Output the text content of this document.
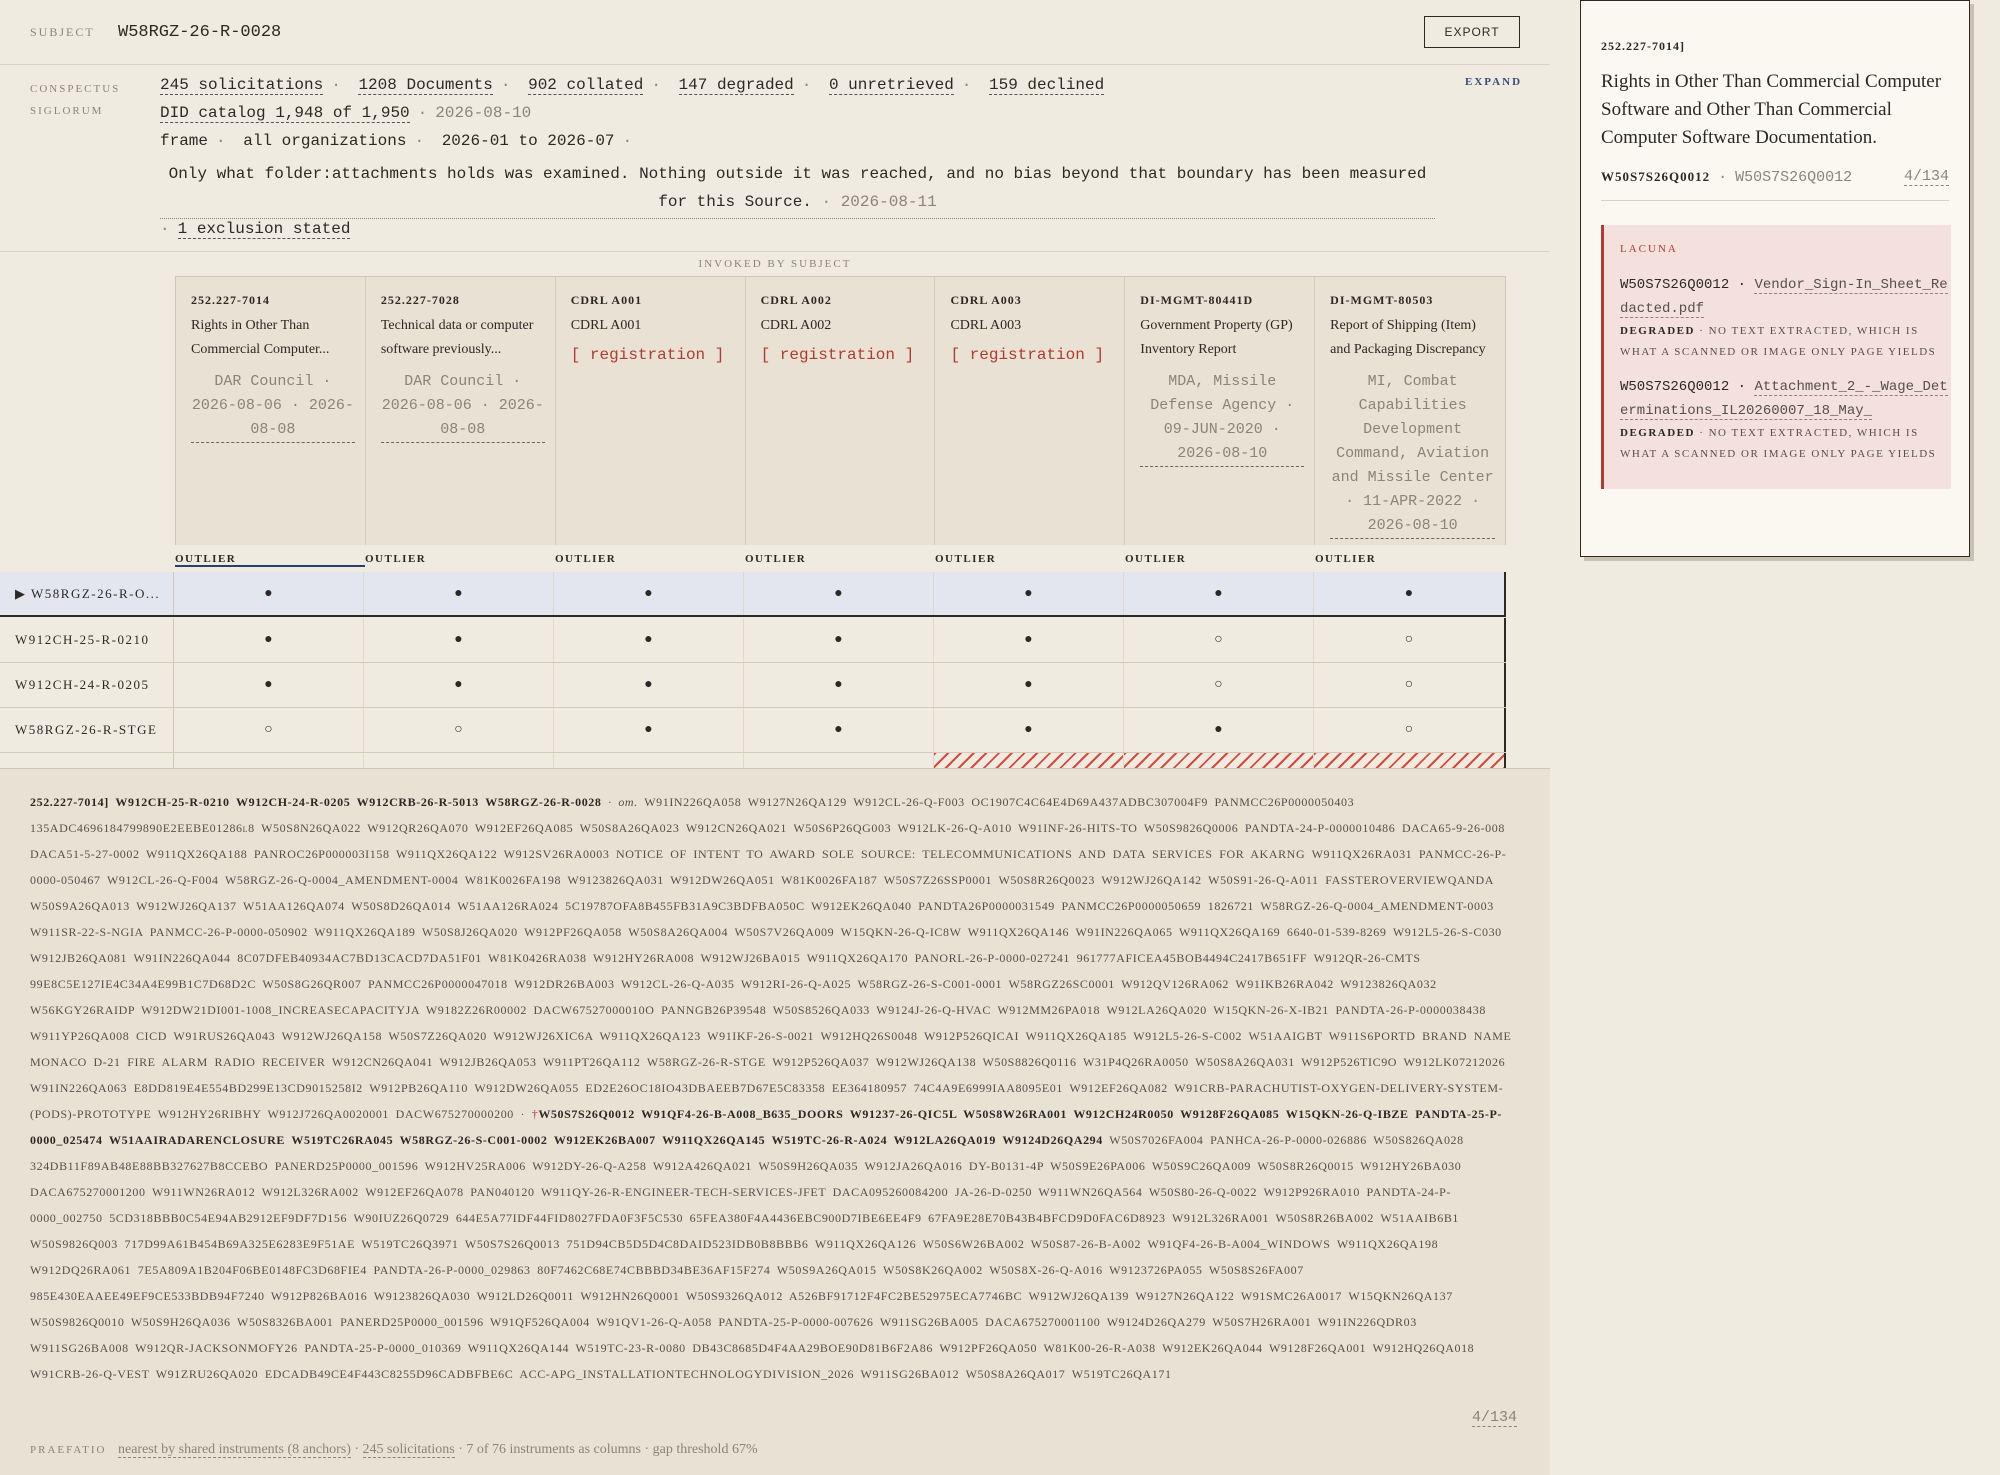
SUBJECT	W58RGZ-26-R-0028	EXPORT
CONSPECTUS
SIGLORUM
EXPAND
245 solicitations · 1208 Documents · 902 collated · 147 degraded · 0 unretrieved · 159 declined
DID catalog 1,948 of 1,950 · 2026-08-10
frame · all organizations · 2026-01 to 2026-07 ·
Only what folder:attachments holds was examined. Nothing outside it was reached, and no bias beyond that boundary has been measured for this Source. · 2026-08-11
· 1 exclusion stated
INVOKED BY SUBJECT
252.227-7014
Rights in Other Than Commercial Computer...
DAR Council · 2026-08-06 · 2026-08-08
252.227-7028
Technical data or computer software previously...
DAR Council · 2026-08-06 · 2026-08-08
CDRL A001
CDRL A001
[ registration ]
CDRL A002
CDRL A002
[ registration ]
CDRL A003
CDRL A003
[ registration ]
DI-MGMT-80441D
Government Property (GP) Inventory Report
MDA, Missile Defense Agency · 09-JUN-2020 · 2026-08-10
DI-MGMT-80503
Report of Shipping (Item) and Packaging Discrepancy
MI, Combat Capabilities Development Command, Aviation and Missile Center · 11-APR-2022 · 2026-08-10
OUTLIER	OUTLIER	OUTLIER	OUTLIER	OUTLIER	OUTLIER	OUTLIER
▶ W58RGZ-26-R-O...	●	●	●	●	●	●	●
W912CH-25-R-0210	●	●	●	●	●	○	○
W912CH-24-R-0205	●	●	●	●	●	○	○
W58RGZ-26-R-STGE	○	○	●	●	●	●	○
252.227-7014] W912CH-25-R-0210 W912CH-24-R-0205 W912CRB-26-R-5013 W58RGZ-26-R-0028 · om. W91IN226QA058 W9127N26QA129 W912CL-26-Q-F003 OC1907C4C64E4D69A437ADBC307004F9 PANMCC26P0000050403 135ADC4696184799890E2EEBE01286l8 W50S8N26QA022 W912QR26QA070 W912EF26QA085 W50S8A26QA023 W912CN26QA021 W50S6P26QG003 W912LK-26-Q-A010 W91INF-26-HITS-TO W50S9826Q0006 PANDTA-24-P-0000010486 DACA65-9-26-008 DACA51-5-27-0002 W911QX26QA188 PANROC26P000003I158 W911QX26QA122 W912SV26RA0003 NOTICE OF INTENT TO AWARD SOLE SOURCE: TELECOMMUNICATIONS AND DATA SERVICES FOR AKARNG W911QX26RA031 PANMCC-26-P-0000-050467 W912CL-26-Q-F004 W58RGZ-26-Q-0004_AMENDMENT-0004 W81K0026FA198 W9123826QA031 W912DW26QA051 W81K0026FA187 W50S7Z26SSP0001 W50S8R26Q0023 W912WJ26QA142 W50S91-26-Q-A011 FASSTEROVERVIEWQANDA W50S9A26QA013 W912WJ26QA137 W51AA126QA074 W50S8D26QA014 W51AA126RA024 5C19787OFA8B455FB31A9C3BDFBA050C W912EK26QA040 PANDTA26P0000031549 PANMCC26P0000050659 1826721 W58RGZ-26-Q-0004_AMENDMENT-0003 W911SR-22-S-NGIA PANMCC-26-P-0000-050902 W911QX26QA189 W50S8J26QA020 W912PF26QA058 W50S8A26QA004 W50S7V26QA009 W15QKN-26-Q-IC8W W911QX26QA146 W91IN226QA065 W911QX26QA169 6640-01-539-8269 W912L5-26-S-C030 W912JB26QA081 W91IN226QA044 8C07DFEB40934AC7BD13CACD7DA51F01 W81K0426RA038 W912HY26RA008 W912WJ26BA015 W911QX26QA170 PANORL-26-P-0000-027241 961777AFICEA45BOB4494C2417B651FF W912QR-26-CMTS 99E8C5E127IE4C34A4E99B1C7D68D2C W50S8G26QR007 PANMCC26P0000047018 W912DR26BA003 W912CL-26-Q-A035 W912RI-26-Q-A025 W58RGZ-26-S-C001-0001 W58RGZ26SC0001 W912QV126RA062 W91IKB26RA042 W9123826QA032 W56KGY26RAIDP W912DW21DI001-1008_INCREASECAPACITYJA W9182Z26R00002 DACW67527000010O PANNGB26P39548 W50S8526QA033 W9124J-26-Q-HVAC W912MM26PA018 W912LA26QA020 W15QKN-26-X-IB21 PANDTA-26-P-0000038438 W911YP26QA008 CICD W91RUS26QA043 W912WJ26QA158 W50S7Z26QA020 W912WJ26XIC6A W911QX26QA123 W91IKF-26-S-0021 W912HQ26S0048 W912P526QICAI W911QX26QA185 W912L5-26-S-C002 W51AAIGBT W911S6PORTD BRAND NAME MONACO D-21 FIRE ALARM RADIO RECEIVER W912CN26QA041 W912JB26QA053 W911PT26QA112 W58RGZ-26-R-STGE W912P526QA037 W912WJ26QA138 W50S8826Q0116 W31P4Q26RA0050 W50S8A26QA031 W912P526TIC9O W912LK07212026 W91IN226QA063 E8DD819E4E554BD299E13CD9015258I2 W912PB26QA110 W912DW26QA055 ED2E26OC18IO43DBAEEB7D67E5C83358 EE364180957 74C4A9E6999IAA8095E01 W912EF26QA082 W91CRB-PARACHUTIST-OXYGEN-DELIVERY-SYSTEM-(PODS)-PROTOTYPE W912HY26RIBHY W912J726QA0020001 DACW675270000200 · †W50S7S26Q0012 W91QF4-26-B-A008_B635_DOORS W91237-26-QIC5L W50S8W26RA001 W912CH24R0050 W9128F26QA085 W15QKN-26-Q-IBZE PANDTA-25-P-0000_025474 W51AAIRADARENCLOSURE W519TC26RA045 W58RGZ-26-S-C001-0002 W912EK26BA007 W911QX26QA145 W519TC-26-R-A024 W912LA26QA019 W9124D26QA294 W50S7026FA004 PANHCA-26-P-0000-026886 W50S826QA028 324DB11F89AB48E88BB327627B8CCEBO PANERD25P0000_001596 W912HV25RA006 W912DY-26-Q-A258 W912A426QA021 W50S9H26QA035 W912JA26QA016 DY-B0131-4P W50S9E26PA006 W50S9C26QA009 W50S8R26Q0015 W912HY26BA030 DACA675270001200 W911WN26RA012 W912L326RA002 W912EF26QA078 PAN040120 W911QY-26-R-ENGINEER-TECH-SERVICES-JFET DACA095260084200 JA-26-D-0250 W911WN26QA564 W50S80-26-Q-0022 W912P926RA010 PANDTA-24-P-0000_002750 5CD318BBB0C54E94AB2912EF9DF7D156 W90IUZ26Q0729 644E5A77IDF44FID8027FDA0F3F5C530 65FEA380F4A4436EBC900D7IBE6EE4F9 67FA9E28E70B43B4BFCD9D0FAC6D8923 W912L326RA001 W50S8R26BA002 W51AAIB6B1 W50S9826Q003 717D99A61B454B69A325E6283E9F51AE W519TC26Q3971 W50S7S26Q0013 751D94CB5D5D4C8DAID523IDB0B8BBB6 W911QX26QA126 W50S6W26BA002 W50S87-26-B-A002 W91QF4-26-B-A004_WINDOWS W911QX26QA198 W912DQ26RA061 7E5A809A1B204F06BE0148FC3D68FIE4 PANDTA-26-P-0000_029863 80F7462C68E74CBBBD34BE36AF15F274 W50S9A26QA015 W50S8K26QA002 W50S8X-26-Q-A016 W9123726PA055 W50S8S26FA007 985E430EAAEE49EF9CE533BDB94F7240 W912P826BA016 W9123826QA030 W912LD26Q0011 W912HN26Q0001 W50S9326QA012 A526BF91712F4FC2BE52975ECA7746BC W912WJ26QA139 W9127N26QA122 W91SMC26A0017 W15QKN26QA137 W50S9826Q0010 W50S9H26QA036 W50S8326BA001 PANERD25P0000_001596 W91QF526QA004 W91QV1-26-Q-A058 PANDTA-25-P-0000-007626 W911SG26BA005 DACA675270001100 W9124D26QA279 W50S7H26RA001 W91IN226QDR03 W911SG26BA008 W912QR-JACKSONMOFY26 PANDTA-25-P-0000_010369 W911QX26QA144 W519TC-23-R-0080 DB43C8685D4F4AA29BOE90D81B6F2A86 W912PF26QA050 W81K00-26-R-A038 W912EK26QA044 W9128F26QA001 W912HQ26QA018 W91CRB-26-Q-VEST W91ZRU26QA020 EDCADB49CE4F443C8255D96CADBFBE6C ACC-APG_INSTALLATIONTECHNOLOGYDIVISION_2026 W911SG26BA012 W50S8A26QA017 W519TC26QA171
4/134
PRAEFATIO nearest by shared instruments (8 anchors) · 245 solicitations · 7 of 76 instruments as columns · gap threshold 67%
252.227-7014]
Rights in Other Than Commercial Computer Software and Other Than Commercial Computer Software Documentation.
W50S7S26Q0012 · W50S7S26Q0012	4/134
LACUNA
W50S7S26Q0012 · Vendor_Sign-In_Sheet_Redacted.pdf
DEGRADED · NO TEXT EXTRACTED, WHICH IS WHAT A SCANNED OR IMAGE ONLY PAGE YIELDS
W50S7S26Q0012 · Attachment_2_-_Wage_Determinations_IL20260007_18_May_
DEGRADED · NO TEXT EXTRACTED, WHICH IS WHAT A SCANNED OR IMAGE ONLY PAGE YIELDS
